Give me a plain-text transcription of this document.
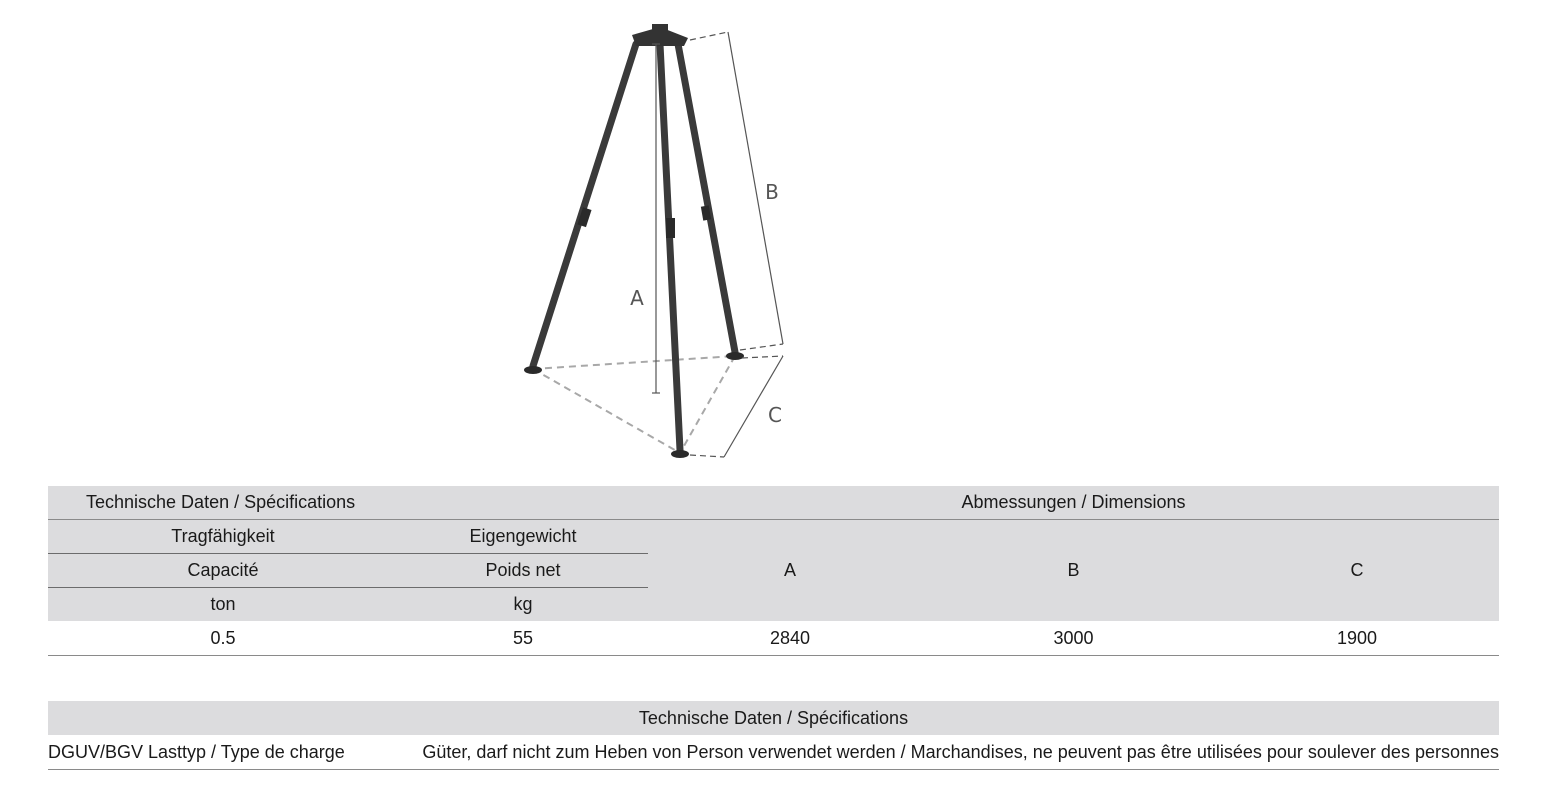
A
B
C
Technische Daten / Spécifications		Abmessungen / Dimensions		
Tragfähigkeit	Eigengewicht	A	B	C
Capacité	Poids net			
ton	kg			
0.5	55	2840	3000	1900
Technische Daten / Spécifications
DGUV/BGV Lasttyp / Type de charge	Güter, darf nicht zum Heben von Person verwendet werden / Marchandises, ne peuvent pas être utilisées pour soulever des personnes
